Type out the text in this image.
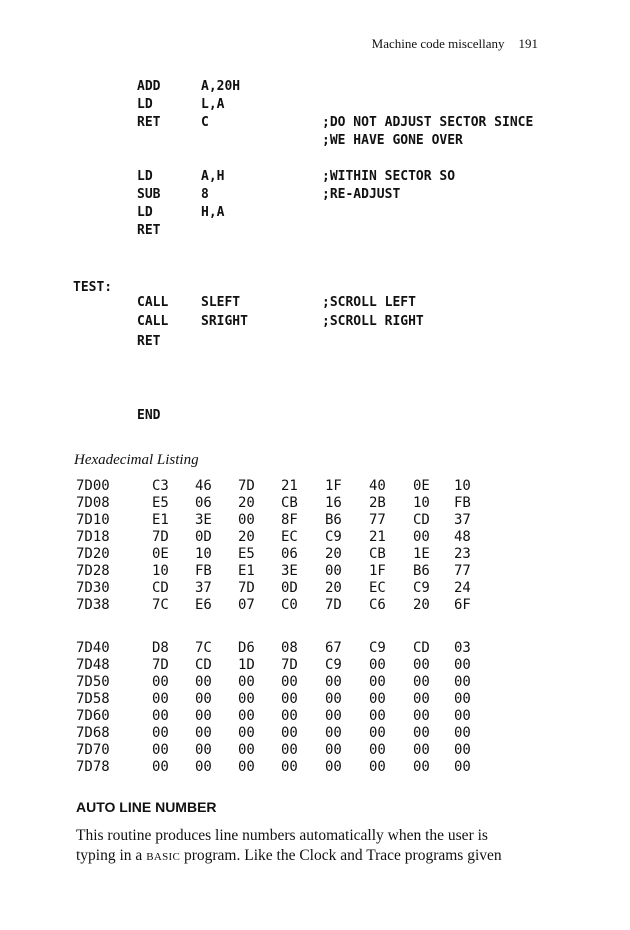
Machine code miscellany 191
ADD	A,20H
LD	L,A
RET	C	;DO NOT ADJUST SECTOR SINCE
;WE HAVE GONE OVER
LD	A,H	;WITHIN SECTOR SO
SUB	8	;RE-ADJUST
LD	H,A
RET
TEST:
CALL	SLEFT	;SCROLL LEFT
CALL	SRIGHT	;SCROLL RIGHT
RET
END
Hexadecimal Listing
7D00	C3 46 7D 21 1F 40 0E 10
7D08	E5 06 20 CB 16 2B 10 FB
7D10	E1 3E 00 8F B6 77 CD 37
7D18	7D 0D 20 EC C9 21 00 48
7D20	0E 10 E5 06 20 CB 1E 23
7D28	10 FB E1 3E 00 1F B6 77
7D30	CD 37 7D 0D 20 EC C9 24
7D38	7C E6 07 C0 7D C6 20 6F
7D40	D8 7C D6 08 67 C9 CD 03
7D48	7D CD 1D 7D C9 00 00 00
7D50	00 00 00 00 00 00 00 00
7D58	00 00 00 00 00 00 00 00
7D60	00 00 00 00 00 00 00 00
7D68	00 00 00 00 00 00 00 00
7D70	00 00 00 00 00 00 00 00
7D78	00 00 00 00 00 00 00 00
AUTO LINE NUMBER
This routine produces line numbers automatically when the user is
typing in a BASIC program. Like the Clock and Trace programs given
